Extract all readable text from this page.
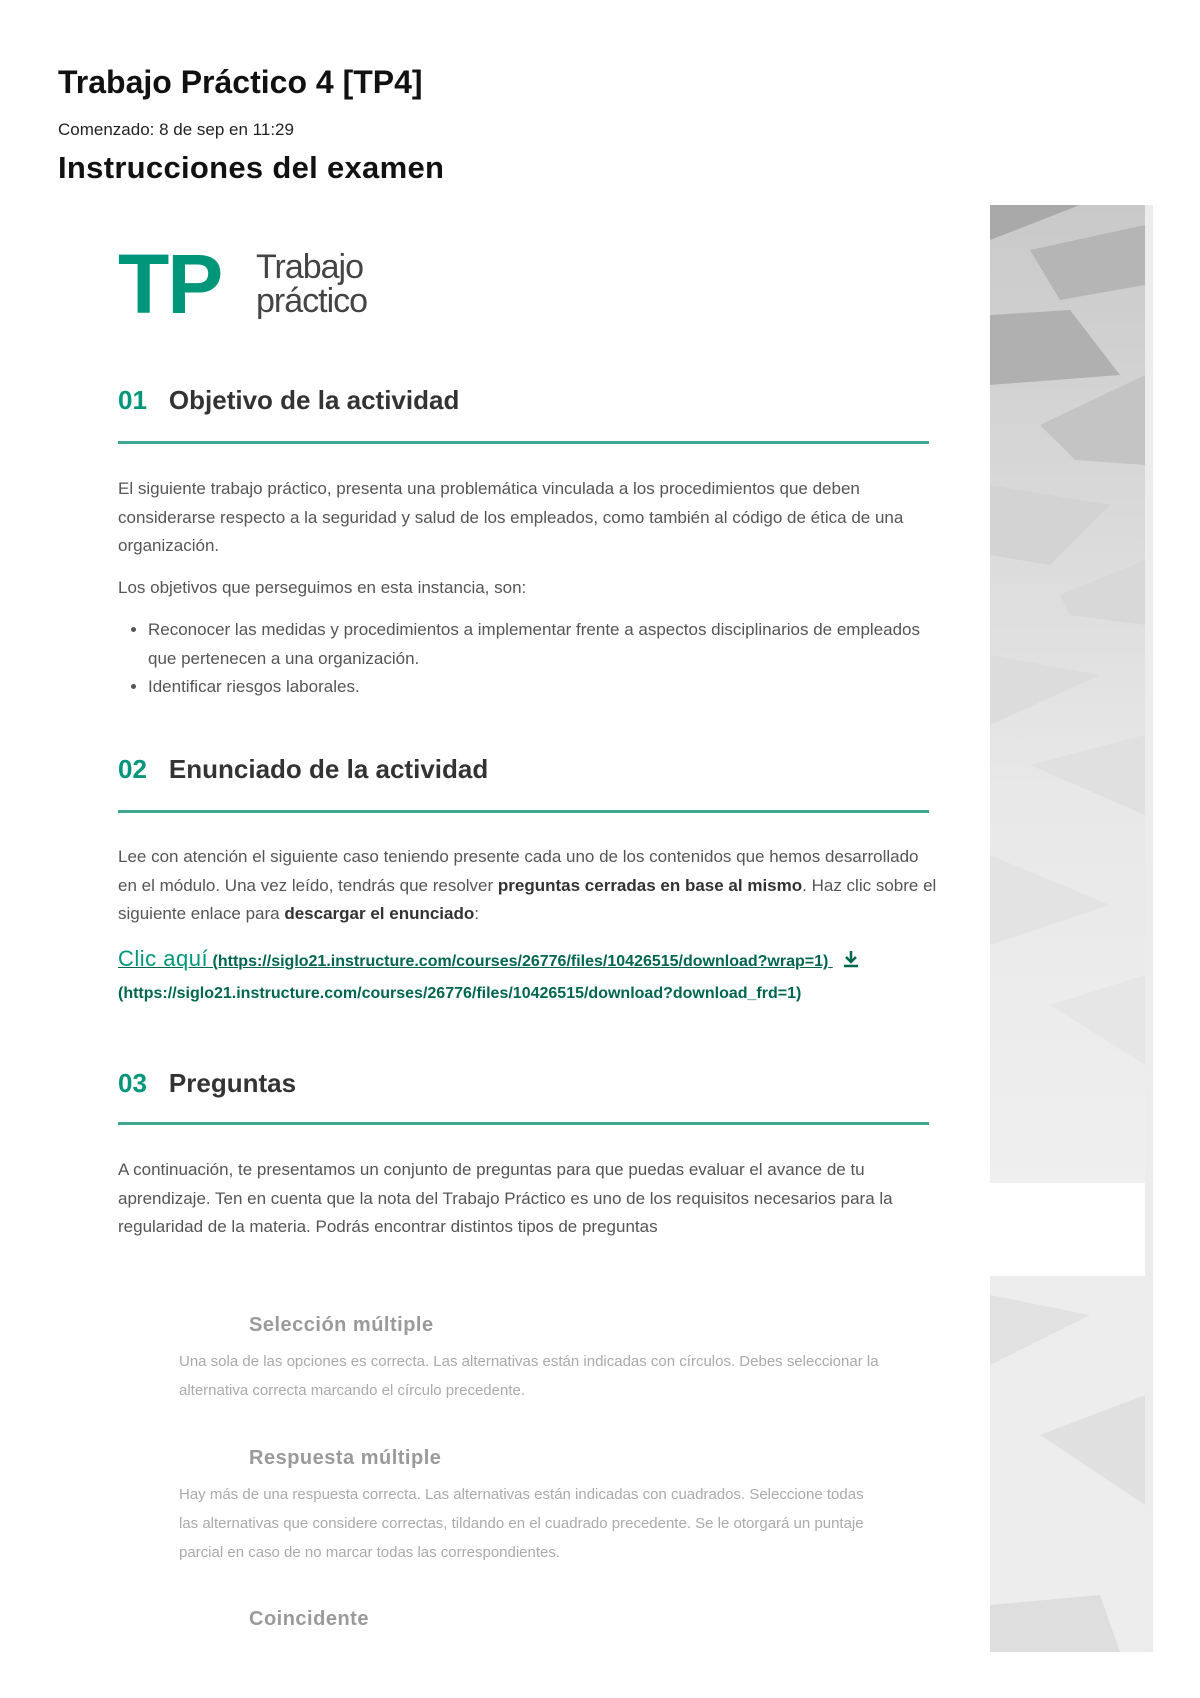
Trabajo Práctico 4 [TP4]
Comenzado: 8 de sep en 11:29
Instrucciones del examen
TP Trabajo
práctico
01 Objetivo de la actividad
El siguiente trabajo práctico, presenta una problemática vinculada a los procedimientos que deben considerarse respecto a la seguridad y salud de los empleados, como también al código de ética de una organización.
Los objetivos que perseguimos en esta instancia, son:
• Reconocer las medidas y procedimientos a implementar frente a aspectos disciplinarios de empleados que pertenecen a una organización.
• Identificar riesgos laborales.
02 Enunciado de la actividad
Lee con atención el siguiente caso teniendo presente cada uno de los contenidos que hemos desarrollado en el módulo. Una vez leído, tendrás que resolver preguntas cerradas en base al mismo. Haz clic sobre el siguiente enlace para descargar el enunciado:
Clic aquí (https://siglo21.instructure.com/courses/26776/files/10426515/download?wrap=1)
(https://siglo21.instructure.com/courses/26776/files/10426515/download?download_frd=1)
03 Preguntas
A continuación, te presentamos un conjunto de preguntas para que puedas evaluar el avance de tu aprendizaje. Ten en cuenta que la nota del Trabajo Práctico es uno de los requisitos necesarios para la regularidad de la materia. Podrás encontrar distintos tipos de preguntas
Selección múltiple
Una sola de las opciones es correcta. Las alternativas están indicadas con círculos. Debes seleccionar la alternativa correcta marcando el círculo precedente.
Respuesta múltiple
Hay más de una respuesta correcta. Las alternativas están indicadas con cuadrados. Seleccione todas las alternativas que considere correctas, tildando en el cuadrado precedente. Se le otorgará un puntaje parcial en caso de no marcar todas las correspondientes.
Coincidente
